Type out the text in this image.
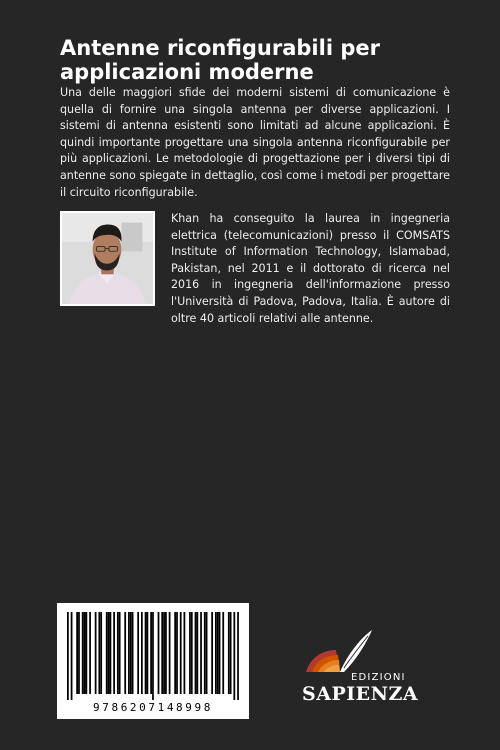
Antenne riconfigurabili per
applicazioni moderne

Una delle maggiori sfide dei moderni sistemi di comunicazione è quella di fornire una singola antenna per diverse applicazioni. I sistemi di antenna esistenti sono limitati ad alcune applicazioni. È quindi importante progettare una singola antenna riconfigurabile per più applicazioni. Le metodologie di progettazione per i diversi tipi di antenne sono spiegate in dettaglio, così come i metodi per progettare il circuito riconfigurabile.

Khan ha conseguito la laurea in ingegneria elettrica (telecomunicazioni) presso il COMSATS Institute of Information Technology, Islamabad, Pakistan, nel 2011 e il dottorato di ricerca nel 2016 in ingegneria dell'informazione presso l'Università di Padova, Padova, Italia. È autore di oltre 40 articoli relativi alle antenne.

9786207148998
EDIZIONI
SAPIENZA
